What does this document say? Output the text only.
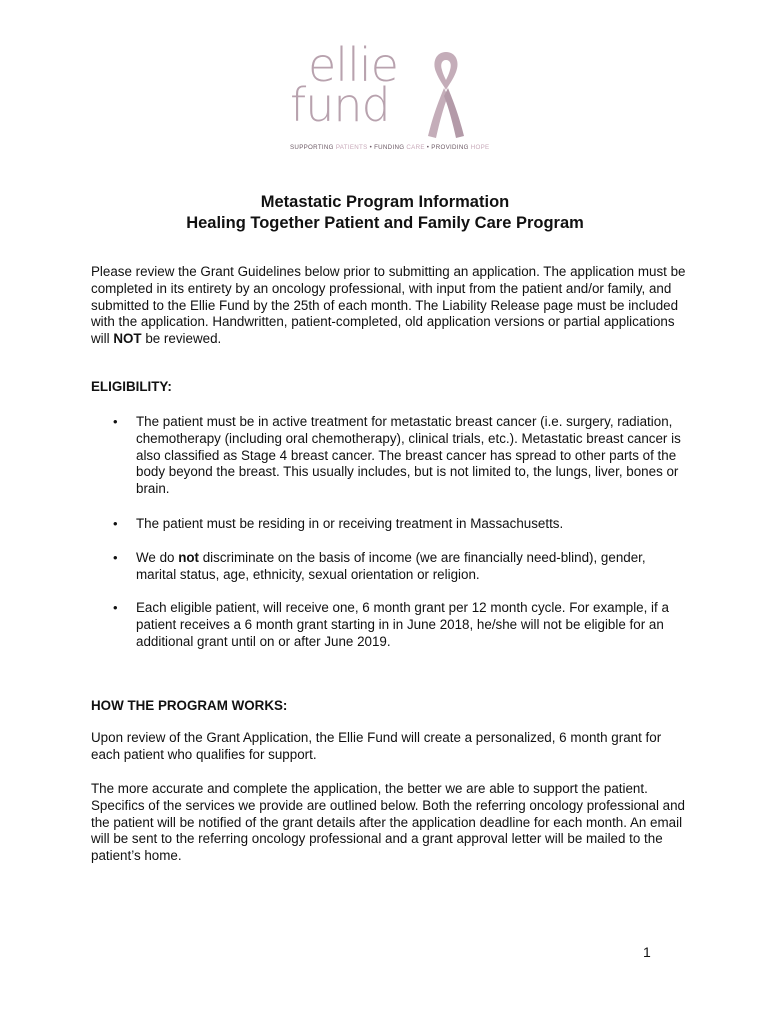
ellie
fund
SUPPORTING PATIENTS • FUNDING CARE • PROVIDING HOPE
Metastatic Program Information
Healing Together Patient and Family Care Program
Please review the Grant Guidelines below prior to submitting an application. The application must be completed in its entirety by an oncology professional, with input from the patient and/or family, and submitted to the Ellie Fund by the 25th of each month. The Liability Release page must be included with the application. Handwritten, patient-completed, old application versions or partial applications will NOT be reviewed.
ELIGIBILITY:
• The patient must be in active treatment for metastatic breast cancer (i.e. surgery, radiation, chemotherapy (including oral chemotherapy), clinical trials, etc.). Metastatic breast cancer is also classified as Stage 4 breast cancer. The breast cancer has spread to other parts of the body beyond the breast. This usually includes, but is not limited to, the lungs, liver, bones or brain.
• The patient must be residing in or receiving treatment in Massachusetts.
• We do not discriminate on the basis of income (we are financially need-blind), gender, marital status, age, ethnicity, sexual orientation or religion.
• Each eligible patient, will receive one, 6 month grant per 12 month cycle. For example, if a patient receives a 6 month grant starting in in June 2018, he/she will not be eligible for an additional grant until on or after June 2019.
HOW THE PROGRAM WORKS:
Upon review of the Grant Application, the Ellie Fund will create a personalized, 6 month grant for each patient who qualifies for support.
The more accurate and complete the application, the better we are able to support the patient. Specifics of the services we provide are outlined below. Both the referring oncology professional and the patient will be notified of the grant details after the application deadline for each month. An email will be sent to the referring oncology professional and a grant approval letter will be mailed to the patient’s home.
1
